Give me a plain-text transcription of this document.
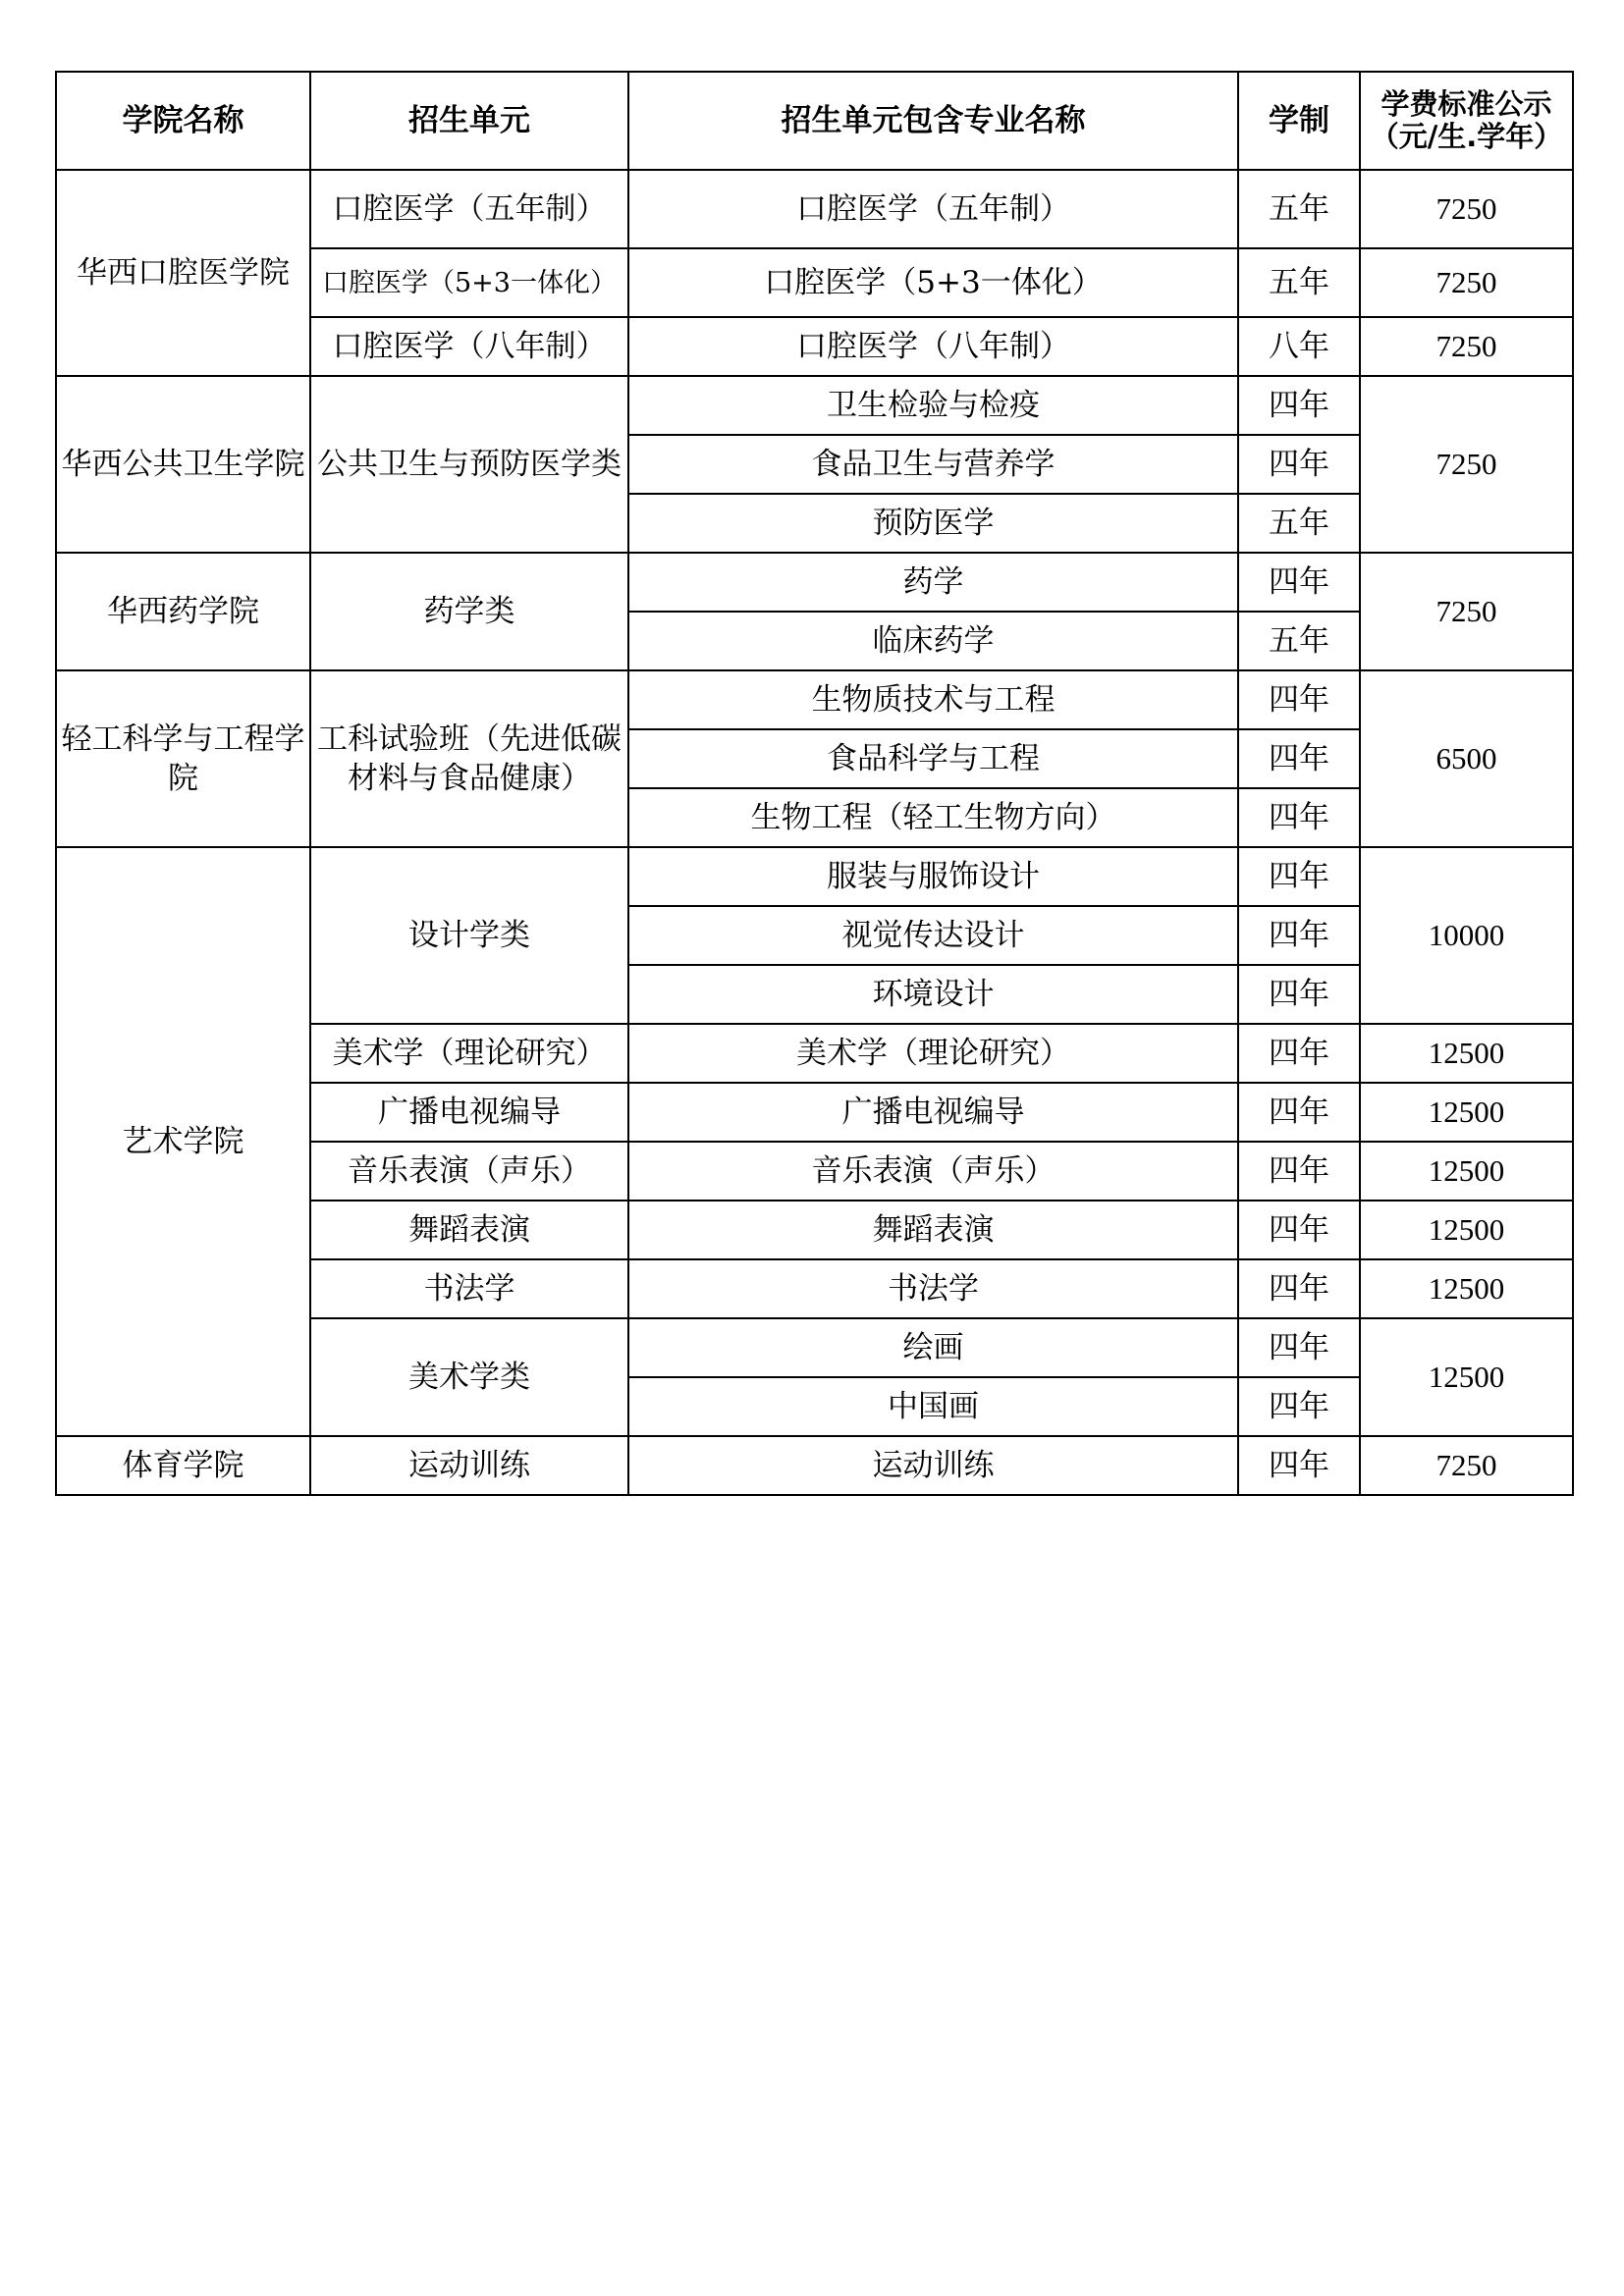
学院名称	招生单元	招生单元包含专业名称	学制	学费标准公示（元/生.学年）
华西口腔医学院	口腔医学（五年制）	口腔医学（五年制）	五年	7250
	口腔医学（5+3一体化）	口腔医学（5+3一体化）	五年	7250
	口腔医学（八年制）	口腔医学（八年制）	八年	7250
华西公共卫生学院	公共卫生与预防医学类	卫生检验与检疫	四年	7250
		食品卫生与营养学	四年	
		预防医学	五年	
华西药学院	药学类	药学	四年	7250
		临床药学	五年	
轻工科学与工程学院	工科试验班（先进低碳材料与食品健康）	生物质技术与工程	四年	6500
		食品科学与工程	四年	
		生物工程（轻工生物方向）	四年	
艺术学院	设计学类	服装与服饰设计	四年	10000
		视觉传达设计	四年	
		环境设计	四年	
	美术学（理论研究）	美术学（理论研究）	四年	12500
	广播电视编导	广播电视编导	四年	12500
	音乐表演（声乐）	音乐表演（声乐）	四年	12500
	舞蹈表演	舞蹈表演	四年	12500
	书法学	书法学	四年	12500
	美术学类	绘画	四年	12500
		中国画	四年	
体育学院	运动训练	运动训练	四年	7250
